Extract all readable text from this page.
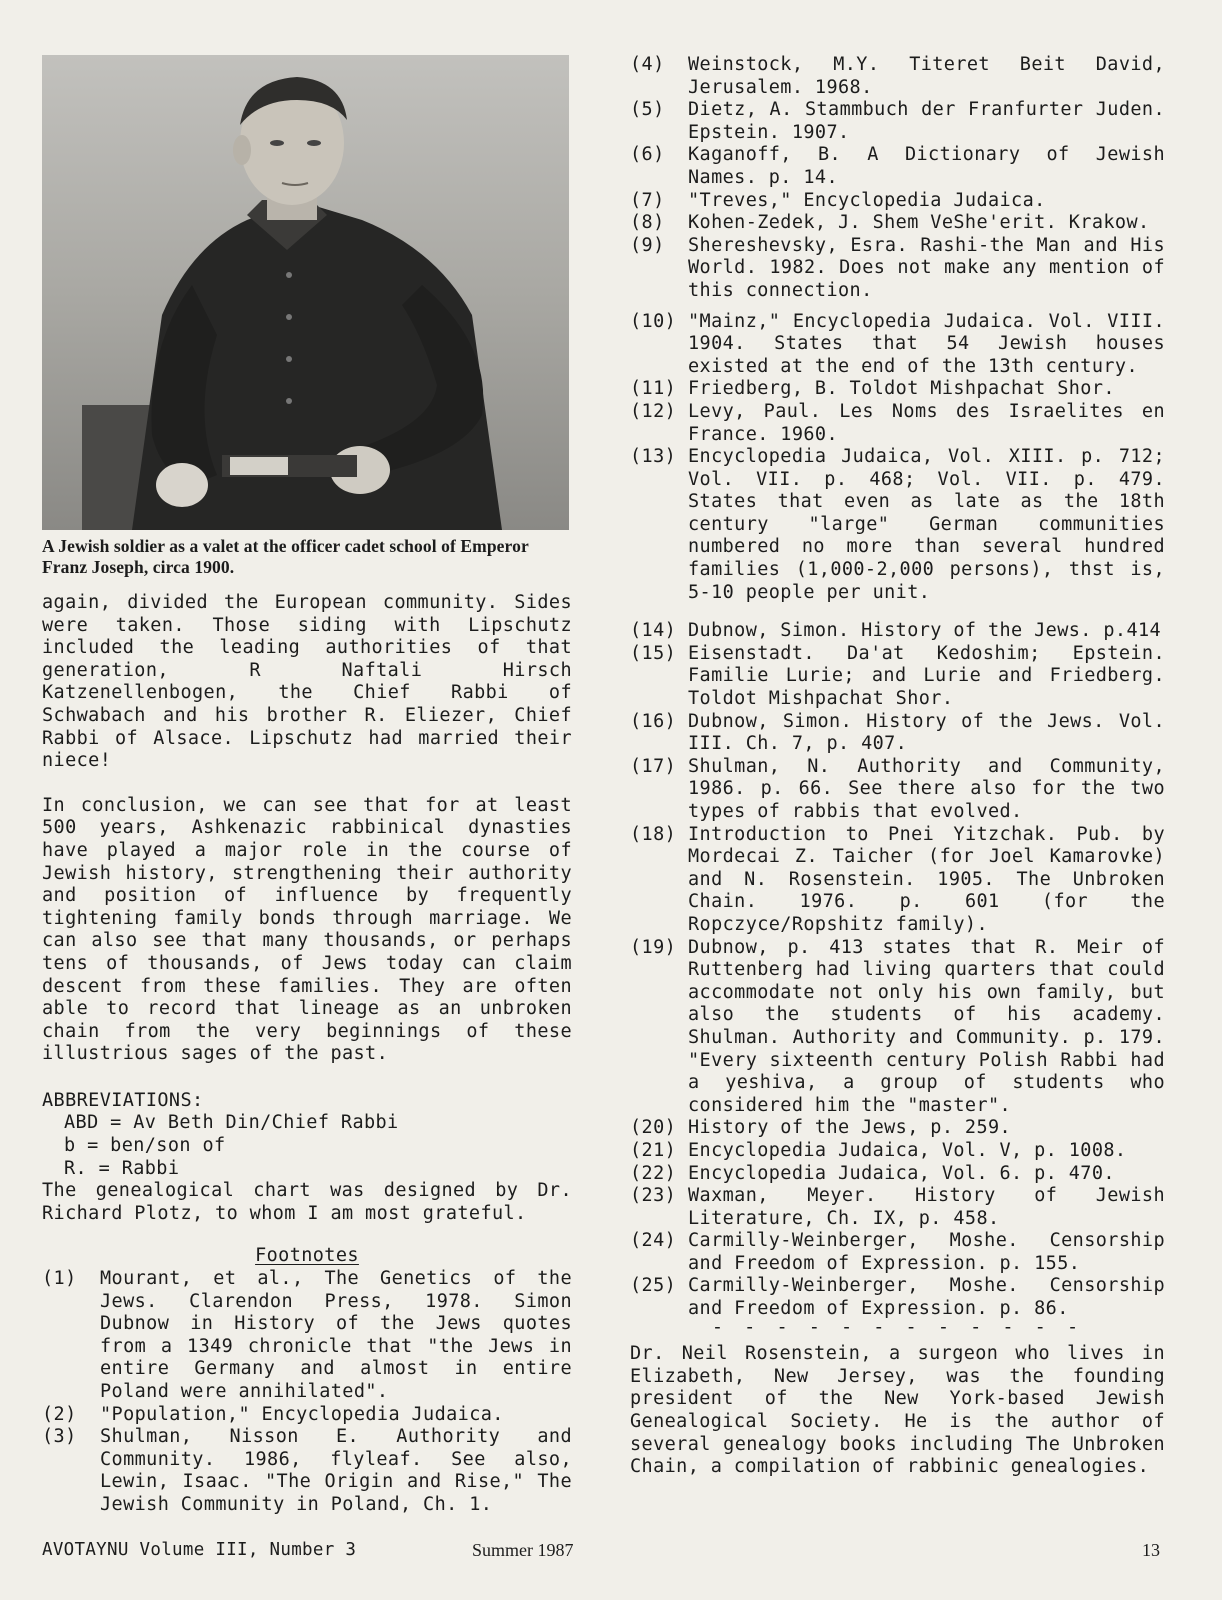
A Jewish soldier as a valet at the officer cadet school of Emperor Franz Joseph, circa 1900.

again, divided the European community. Sides were taken. Those siding with Lipschutz included the leading authorities of that generation, R Naftali Hirsch Katzenellenbogen, the Chief Rabbi of Schwabach and his brother R. Eliezer, Chief Rabbi of Alsace. Lipschutz had married their niece!

In conclusion, we can see that for at least 500 years, Ashkenazic rabbinical dynasties have played a major role in the course of Jewish history, strengthening their authority and position of influence by frequently tightening family bonds through marriage. We can also see that many thousands, or perhaps tens of thousands, of Jews today can claim descent from these families. They are often able to record that lineage as an unbroken chain from the very beginnings of these illustrious sages of the past.

ABBREVIATIONS:
ABD = Av Beth Din/Chief Rabbi
b = ben/son of
R. = Rabbi

The genealogical chart was designed by Dr. Richard Plotz, to whom I am most grateful.

Footnotes
(1)	Mourant, et al., The Genetics of the Jews. Clarendon Press, 1978. Simon Dubnow in History of the Jews quotes from a 1349 chronicle that "the Jews in entire Germany and almost in entire Poland were annihilated".
(2)	"Population," Encyclopedia Judaica.
(3)	Shulman, Nisson E. Authority and Community. 1986, flyleaf. See also, Lewin, Isaac. "The Origin and Rise," The Jewish Community in Poland, Ch. 1.
(4)	Weinstock, M.Y. Titeret Beit David, Jerusalem. 1968.
(5)	Dietz, A. Stammbuch der Franfurter Juden. Epstein. 1907.
(6)	Kaganoff, B. A Dictionary of Jewish Names. p. 14.
(7)	"Treves," Encyclopedia Judaica.
(8)	Kohen-Zedek, J. Shem VeShe'erit. Krakow.
(9)	Shereshevsky, Esra. Rashi-the Man and His World. 1982. Does not make any mention of this connection.
(10) "Mainz," Encyclopedia Judaica. Vol. VIII. 1904. States that 54 Jewish houses existed at the end of the 13th century.
(11) Friedberg, B. Toldot Mishpachat Shor.
(12) Levy, Paul. Les Noms des Israelites en France. 1960.
(13) Encyclopedia Judaica, Vol. XIII. p. 712; Vol. VII. p. 468; Vol. VII. p. 479. States that even as late as the 18th century "large" German communities numbered no more than several hundred families (1,000-2,000 persons), thst is, 5-10 people per unit.
(14) Dubnow, Simon. History of the Jews. p.414
(15) Eisenstadt. Da'at Kedoshim; Epstein. Familie Lurie; and Lurie and Friedberg. Toldot Mishpachat Shor.
(16) Dubnow, Simon. History of the Jews. Vol. III. Ch. 7, p. 407.
(17) Shulman, N. Authority and Community, 1986. p. 66. See there also for the two types of rabbis that evolved.
(18) Introduction to Pnei Yitzchak. Pub. by Mordecai Z. Taicher (for Joel Kamarovke) and N. Rosenstein. 1905. The Unbroken Chain. 1976. p. 601 (for the Ropczyce/Ropshitz family).
(19) Dubnow, p. 413 states that R. Meir of Ruttenberg had living quarters that could accommodate not only his own family, but also the students of his academy. Shulman. Authority and Community. p. 179. "Every sixteenth century Polish Rabbi had a yeshiva, a group of students who considered him the "master".
(20) History of the Jews, p. 259.
(21) Encyclopedia Judaica, Vol. V, p. 1008.
(22) Encyclopedia Judaica, Vol. 6. p. 470.
(23) Waxman, Meyer. History of Jewish Literature, Ch. IX, p. 458.
(24) Carmilly-Weinberger, Moshe. Censorship and Freedom of Expression. p. 155.
(25) Carmilly-Weinberger, Moshe. Censorship and Freedom of Expression. p. 86.
- - - - - - - - - - - -

Dr. Neil Rosenstein, a surgeon who lives in Elizabeth, New Jersey, was the founding president of the New York-based Jewish Genealogical Society. He is the author of several genealogy books including The Unbroken Chain, a compilation of rabbinic genealogies.

AVOTAYNU Volume III, Number 3	Summer 1987	13
